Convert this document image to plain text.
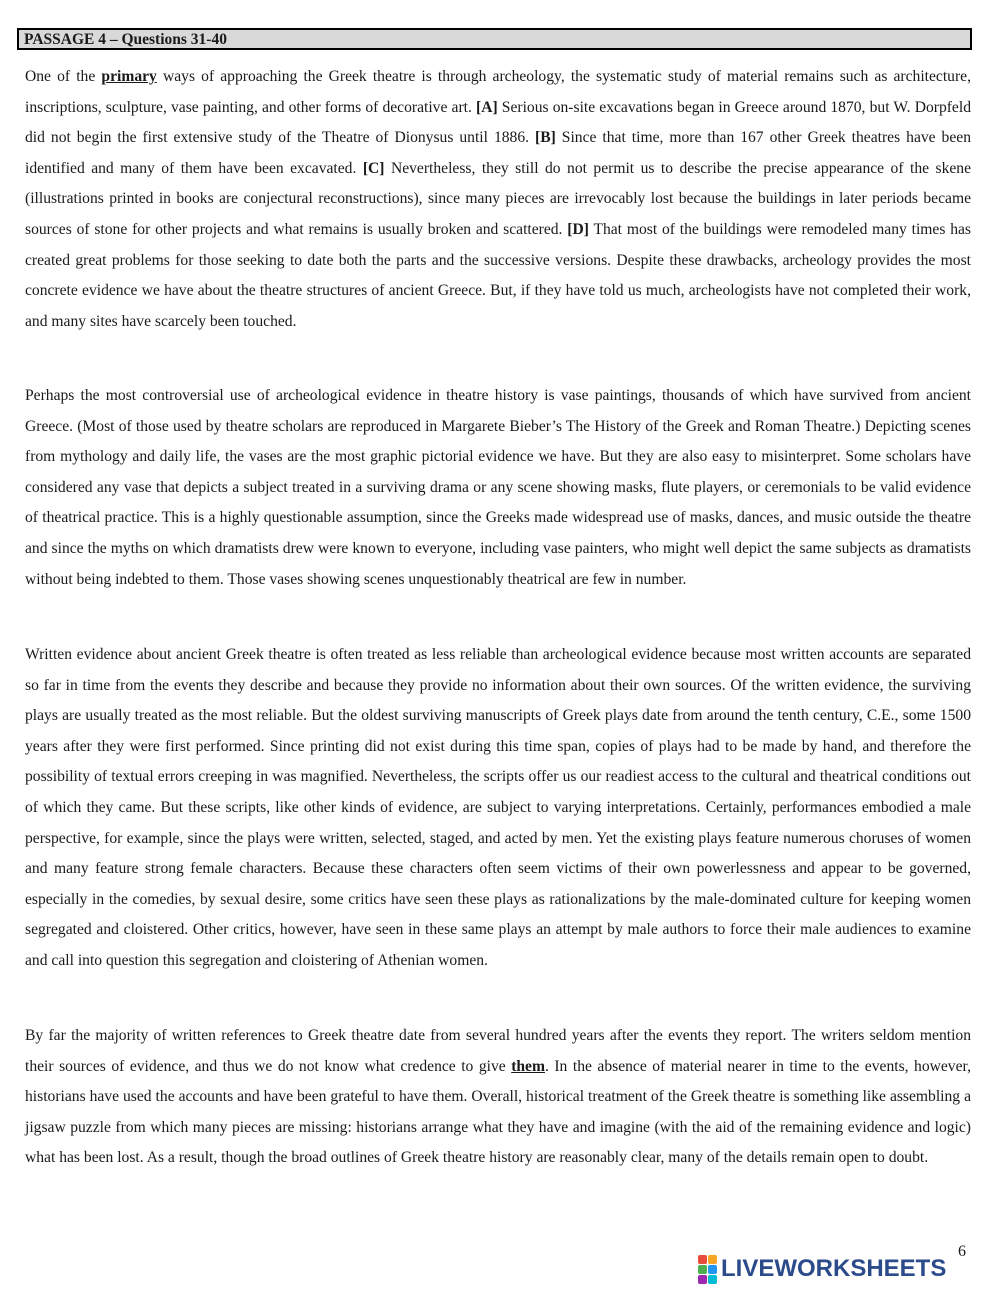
PASSAGE 4 – Questions 31-40

One of the primary ways of approaching the Greek theatre is through archeology, the systematic study of material remains such as architecture, inscriptions, sculpture, vase painting, and other forms of decorative art. [A] Serious on-site excavations began in Greece around 1870, but W. Dorpfeld did not begin the first extensive study of the Theatre of Dionysus until 1886. [B] Since that time, more than 167 other Greek theatres have been identified and many of them have been excavated. [C] Nevertheless, they still do not permit us to describe the precise appearance of the skene (illustrations printed in books are conjectural reconstructions), since many pieces are irrevocably lost because the buildings in later periods became sources of stone for other projects and what remains is usually broken and scattered. [D] That most of the buildings were remodeled many times has created great problems for those seeking to date both the parts and the successive versions. Despite these drawbacks, archeology provides the most concrete evidence we have about the theatre structures of ancient Greece. But, if they have told us much, archeologists have not completed their work, and many sites have scarcely been touched.

Perhaps the most controversial use of archeological evidence in theatre history is vase paintings, thousands of which have survived from ancient Greece. (Most of those used by theatre scholars are reproduced in Margarete Bieber’s The History of the Greek and Roman Theatre.) Depicting scenes from mythology and daily life, the vases are the most graphic pictorial evidence we have. But they are also easy to misinterpret. Some scholars have considered any vase that depicts a subject treated in a surviving drama or any scene showing masks, flute players, or ceremonials to be valid evidence of theatrical practice. This is a highly questionable assumption, since the Greeks made widespread use of masks, dances, and music outside the theatre and since the myths on which dramatists drew were known to everyone, including vase painters, who might well depict the same subjects as dramatists without being indebted to them. Those vases showing scenes unquestionably theatrical are few in number.

Written evidence about ancient Greek theatre is often treated as less reliable than archeological evidence because most written accounts are separated so far in time from the events they describe and because they provide no information about their own sources. Of the written evidence, the surviving plays are usually treated as the most reliable. But the oldest surviving manuscripts of Greek plays date from around the tenth century, C.E., some 1500 years after they were first performed. Since printing did not exist during this time span, copies of plays had to be made by hand, and therefore the possibility of textual errors creeping in was magnified. Nevertheless, the scripts offer us our readiest access to the cultural and theatrical conditions out of which they came. But these scripts, like other kinds of evidence, are subject to varying interpretations. Certainly, performances embodied a male perspective, for example, since the plays were written, selected, staged, and acted by men. Yet the existing plays feature numerous choruses of women and many feature strong female characters. Because these characters often seem victims of their own powerlessness and appear to be governed, especially in the comedies, by sexual desire, some critics have seen these plays as rationalizations by the male-dominated culture for keeping women segregated and cloistered. Other critics, however, have seen in these same plays an attempt by male authors to force their male audiences to examine and call into question this segregation and cloistering of Athenian women.

By far the majority of written references to Greek theatre date from several hundred years after the events they report. The writers seldom mention their sources of evidence, and thus we do not know what credence to give them. In the absence of material nearer in time to the events, however, historians have used the accounts and have been grateful to have them. Overall, historical treatment of the Greek theatre is something like assembling a jigsaw puzzle from which many pieces are missing: historians arrange what they have and imagine (with the aid of the remaining evidence and logic) what has been lost. As a result, though the broad outlines of Greek theatre history are reasonably clear, many of the details remain open to doubt.

6
LIVEWORKSHEETS
